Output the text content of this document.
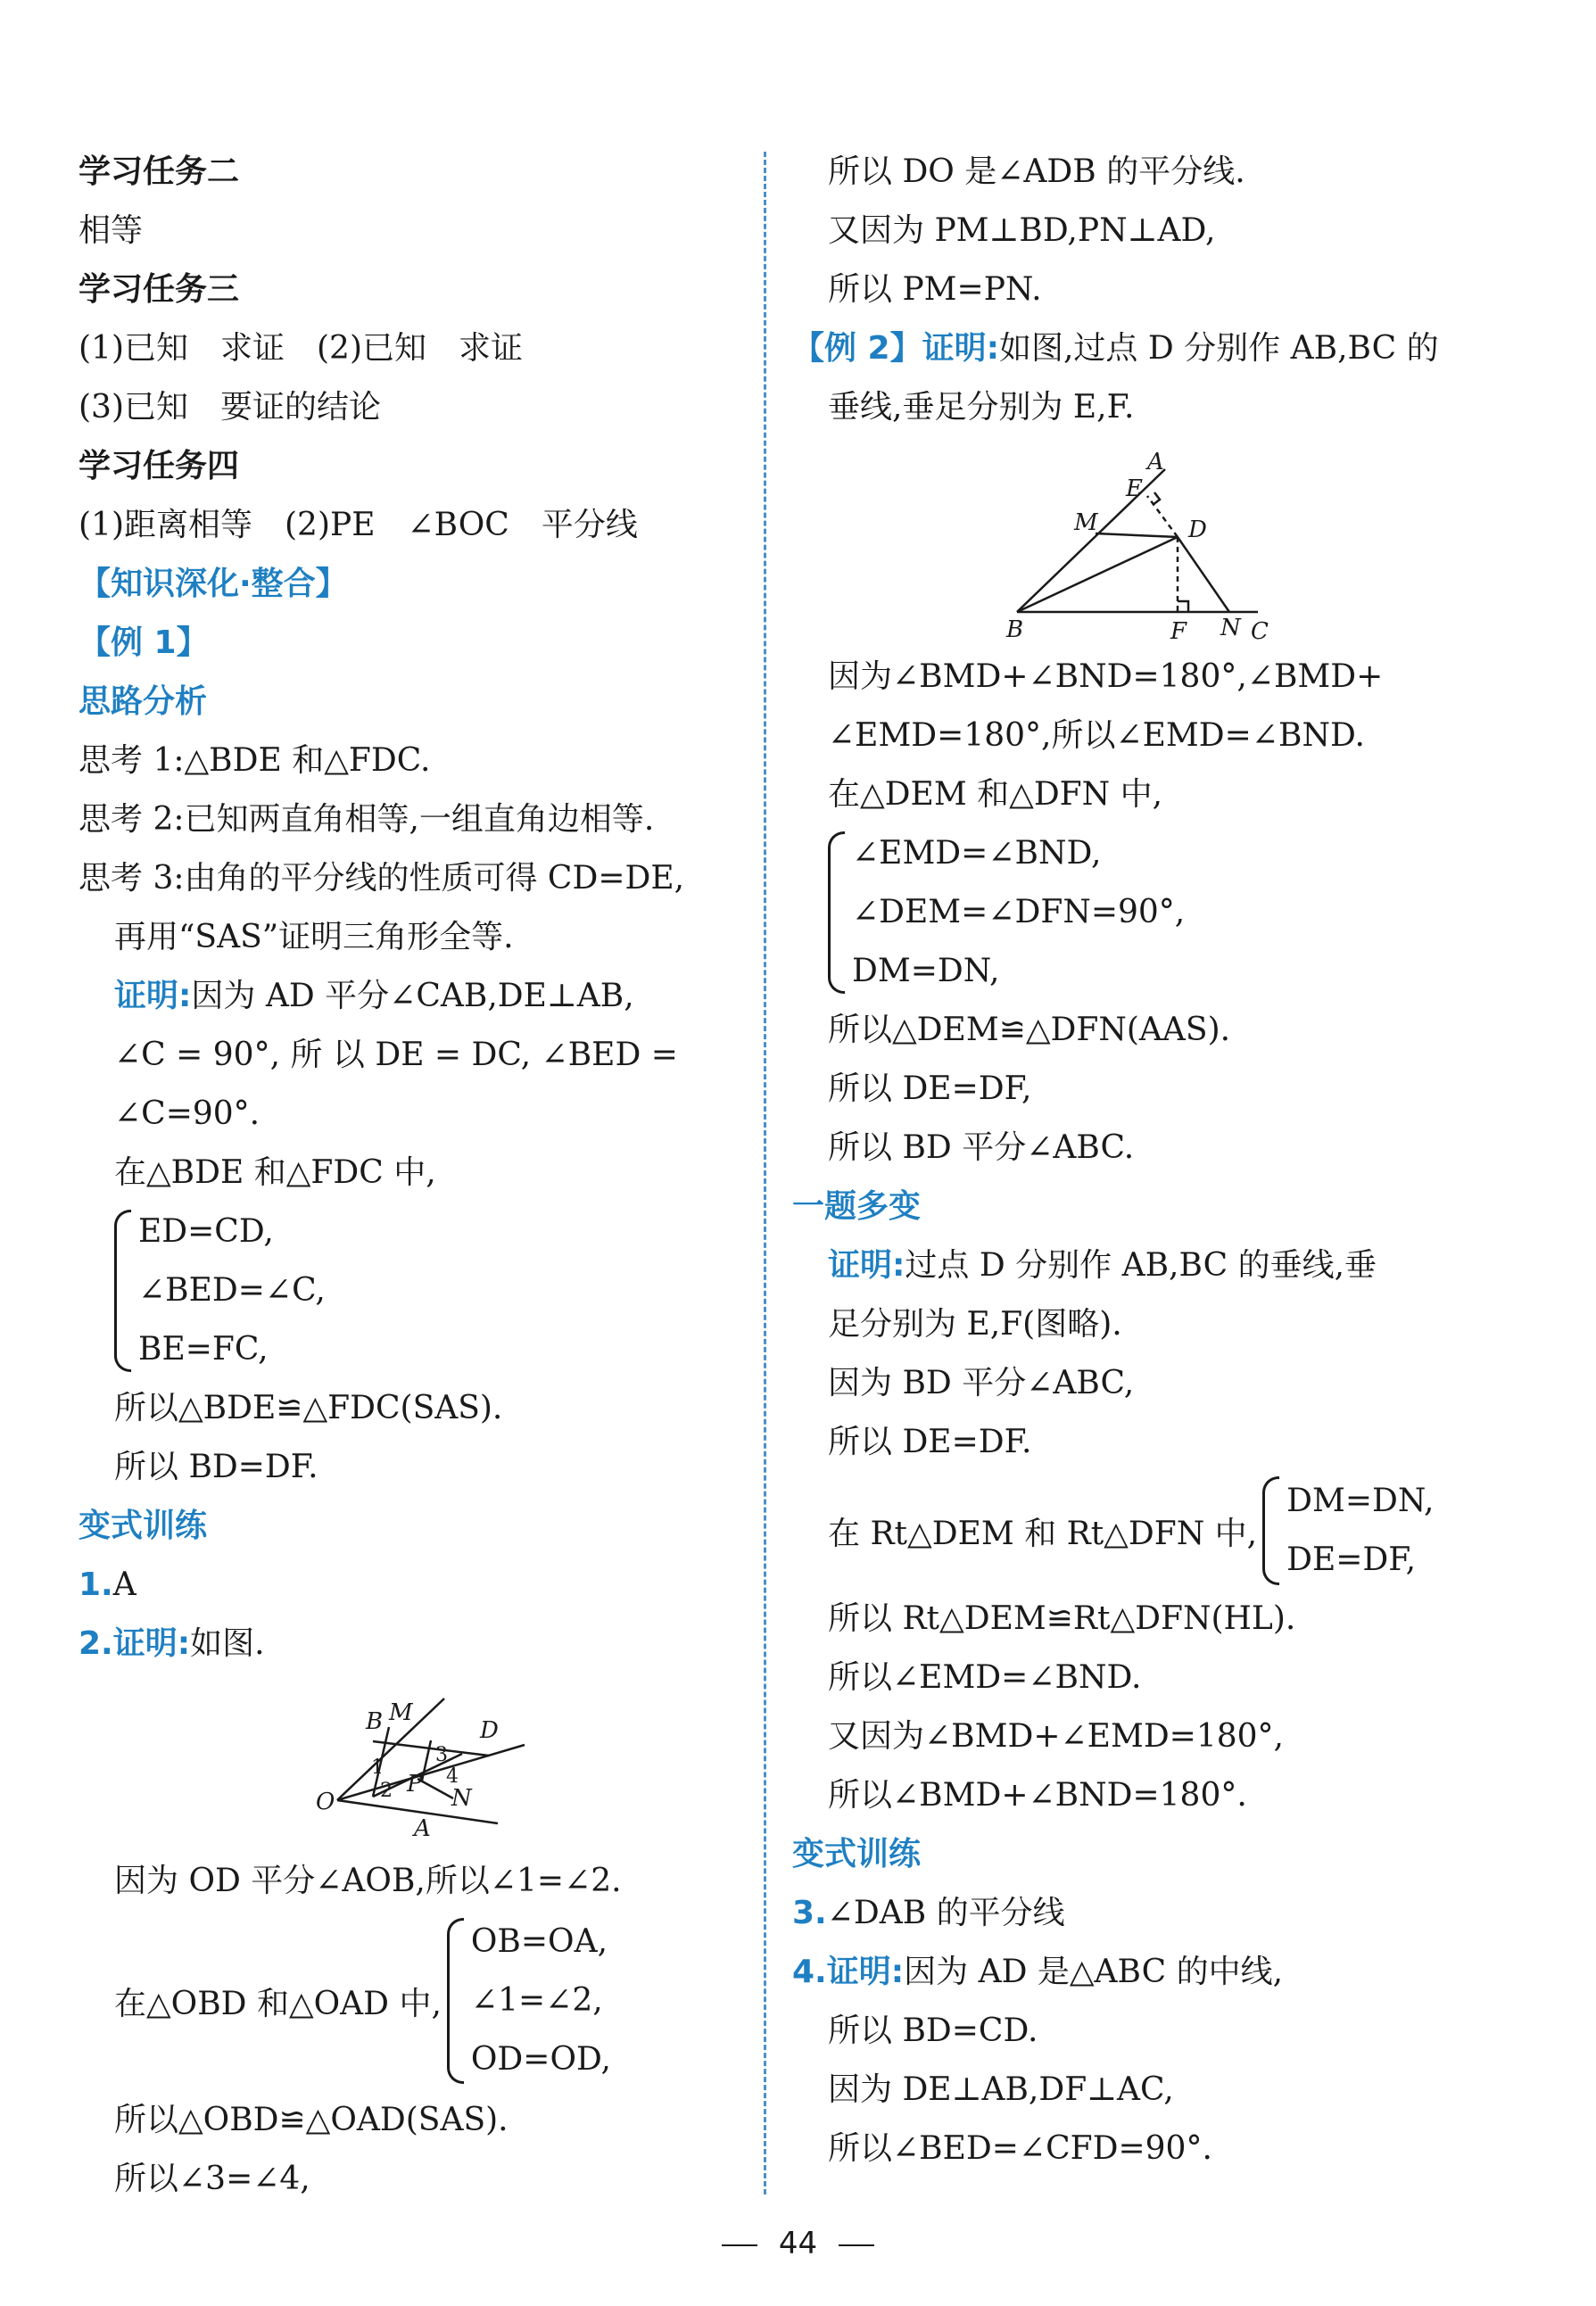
学习任务二
相等
学习任务三
(1)已知　求证　(2)已知　求证
(3)已知　要证的结论
学习任务四
(1)距离相等　(2)PE　∠BOC　平分线
【知识深化·整合】
【例 1】
思路分析
思考 1:△BDE 和△FDC.
思考 2:已知两直角相等,一组直角边相等.
思考 3:由角的平分线的性质可得 CD=DE,
再用“SAS”证明三角形全等.
证明:因为 AD 平分∠CAB,DE⊥AB,
∠C = 90°, 所 以 DE = DC, ∠BED =
∠C=90°.
在△BDE 和△FDC 中,
ED=CD,
∠BED=∠C,
BE=FC,
所以△BDE≌△FDC(SAS).
所以 BD=DF.
变式训练
1.A
2.证明:如图.
B M
D
3
4
1
2 P
N
O
A
因为 OD 平分∠AOB,所以∠1=∠2.
在△OBD 和△OAD 中,
OB=OA,
∠1=∠2,
OD=OD,
所以△OBD≌△OAD(SAS).
所以∠3=∠4,
所以 DO 是∠ADB 的平分线.
又因为 PM⊥BD,PN⊥AD,
所以 PM=PN.
【例 2】证明:如图,过点 D 分别作 AB,BC 的
垂线,垂足分别为 E,F.
A
E
M	D
B	F N C
因为∠BMD+∠BND=180°,∠BMD+
∠EMD=180°,所以∠EMD=∠BND.
在△DEM 和△DFN 中,
∠EMD=∠BND,
∠DEM=∠DFN=90°,
DM=DN,
所以△DEM≌△DFN(AAS).
所以 DE=DF,
所以 BD 平分∠ABC.
一题多变
证明:过点 D 分别作 AB,BC 的垂线,垂
足分别为 E,F(图略).
因为 BD 平分∠ABC,
所以 DE=DF.
在 Rt△DEM 和 Rt△DFN 中,
DM=DN,
DE=DF,
所以 Rt△DEM≌Rt△DFN(HL).
所以∠EMD=∠BND.
又因为∠BMD+∠EMD=180°,
所以∠BMD+∠BND=180°.
变式训练
3.∠DAB 的平分线
4.证明:因为 AD 是△ABC 的中线,
所以 BD=CD.
因为 DE⊥AB,DF⊥AC,
所以∠BED=∠CFD=90°.
44
